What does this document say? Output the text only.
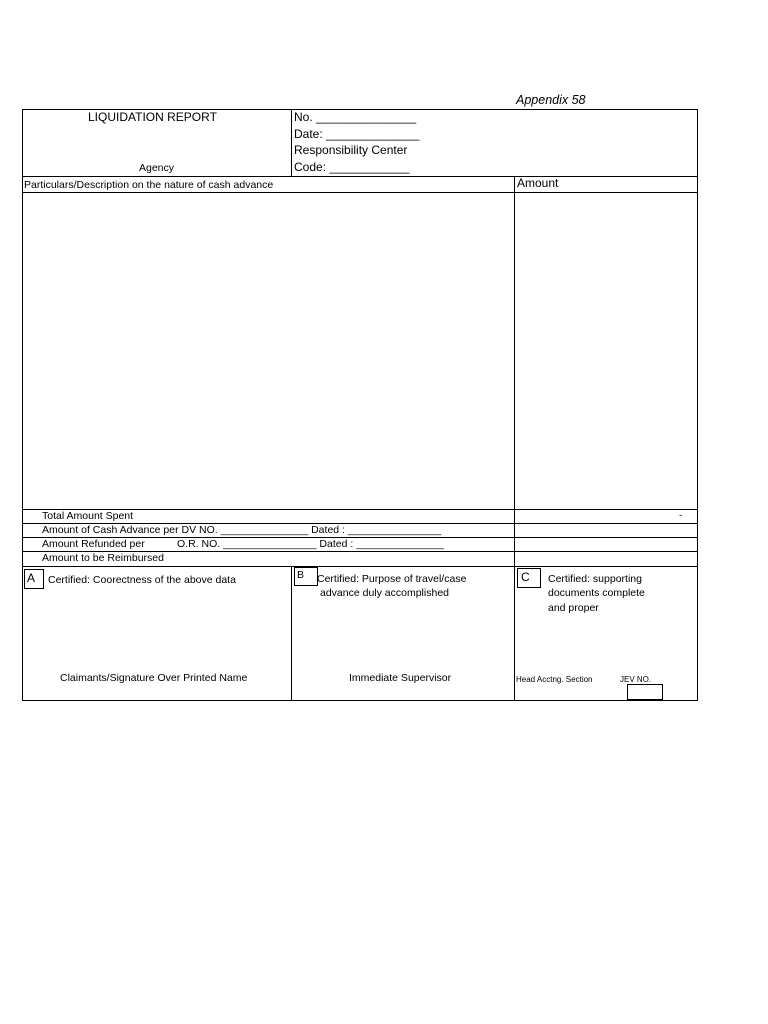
Appendix 58
LIQUIDATION REPORT
Agency
No. _______________
Date: ______________
Responsibility Center
Code: ____________
Particulars/Description on the nature of cash advance	Amount
Total Amount Spent	-
Amount of Cash Advance per DV NO. _______________ Dated : ________________
Amount Refunded per	O.R. NO. ________________ Dated : _______________
Amount to be Reimbursed
A Certified: Coorectness of the above data
Claimants/Signature Over Printed Name
B Certified: Purpose of travel/case
advance duly accomplished
Immediate Supervisor
C Certified: supporting
documents complete
and proper
Head Acctng. Section	JEV NO.
